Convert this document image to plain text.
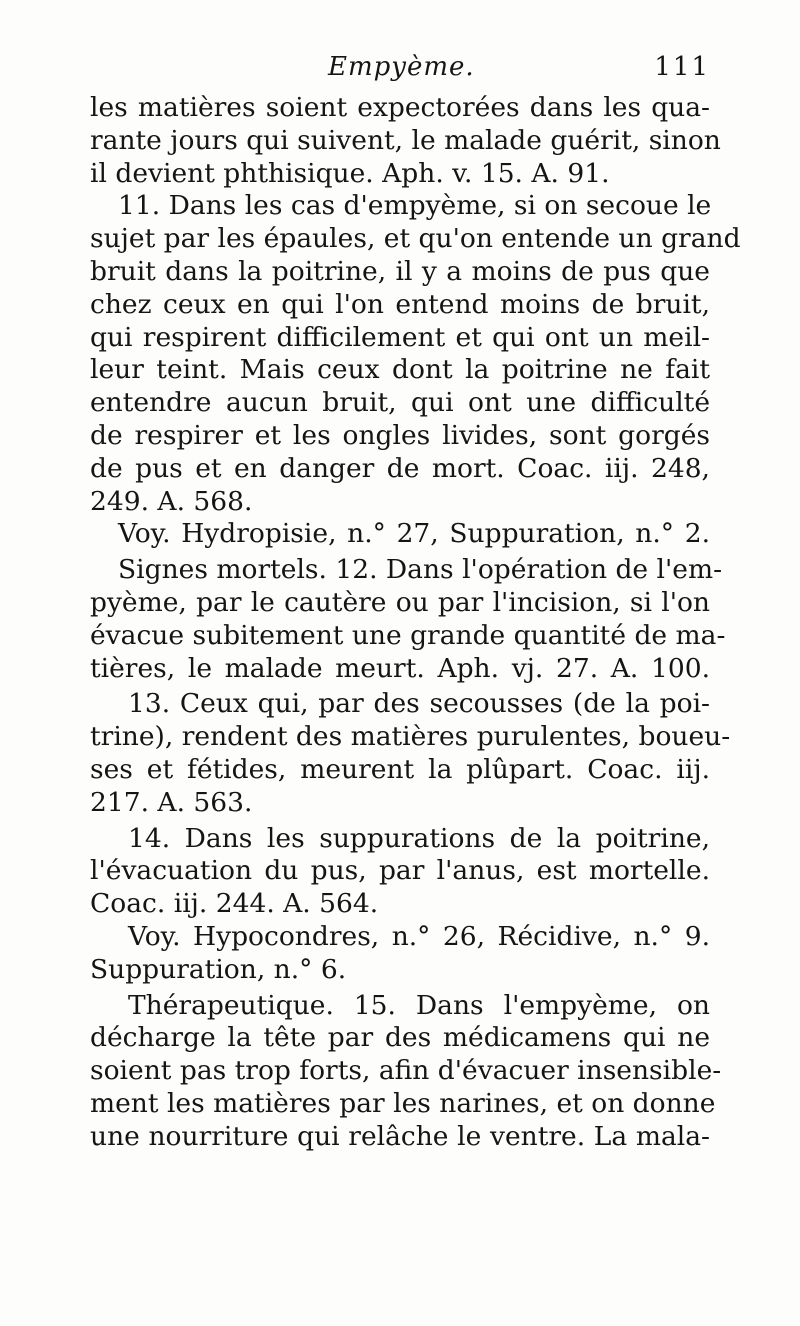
Empyème.	111
les matières soient expectorées dans les qua-
rante jours qui suivent, le malade guérit, sinon
il devient phthisique. Aph. v. 15. A. 91.
11. Dans les cas d'empyème, si on secoue le
sujet par les épaules, et qu'on entende un grand
bruit dans la poitrine, il y a moins de pus que
chez ceux en qui l'on entend moins de bruit,
qui respirent difficilement et qui ont un meil-
leur teint. Mais ceux dont la poitrine ne fait
entendre aucun bruit, qui ont une difficulté
de respirer et les ongles livides, sont gorgés
de pus et en danger de mort. Coac. iij. 248,
249. A. 568.
Voy. Hydropisie, n.° 27, Suppuration, n.° 2.
Signes mortels. 12. Dans l'opération de l'em-
pyème, par le cautère ou par l'incision, si l'on
évacue subitement une grande quantité de ma-
tières, le malade meurt. Aph. vj. 27. A. 100.
13. Ceux qui, par des secousses (de la poi-
trine), rendent des matières purulentes, boueu-
ses et fétides, meurent la plûpart. Coac. iij.
217. A. 563.
14. Dans les suppurations de la poitrine,
l'évacuation du pus, par l'anus, est mortelle.
Coac. iij. 244. A. 564.
Voy. Hypocondres, n.° 26, Récidive, n.° 9.
Suppuration, n.° 6.
Thérapeutique. 15. Dans l'empyème, on
décharge la tête par des médicamens qui ne
soient pas trop forts, afin d'évacuer insensible-
ment les matières par les narines, et on donne
une nourriture qui relâche le ventre. La mala-
